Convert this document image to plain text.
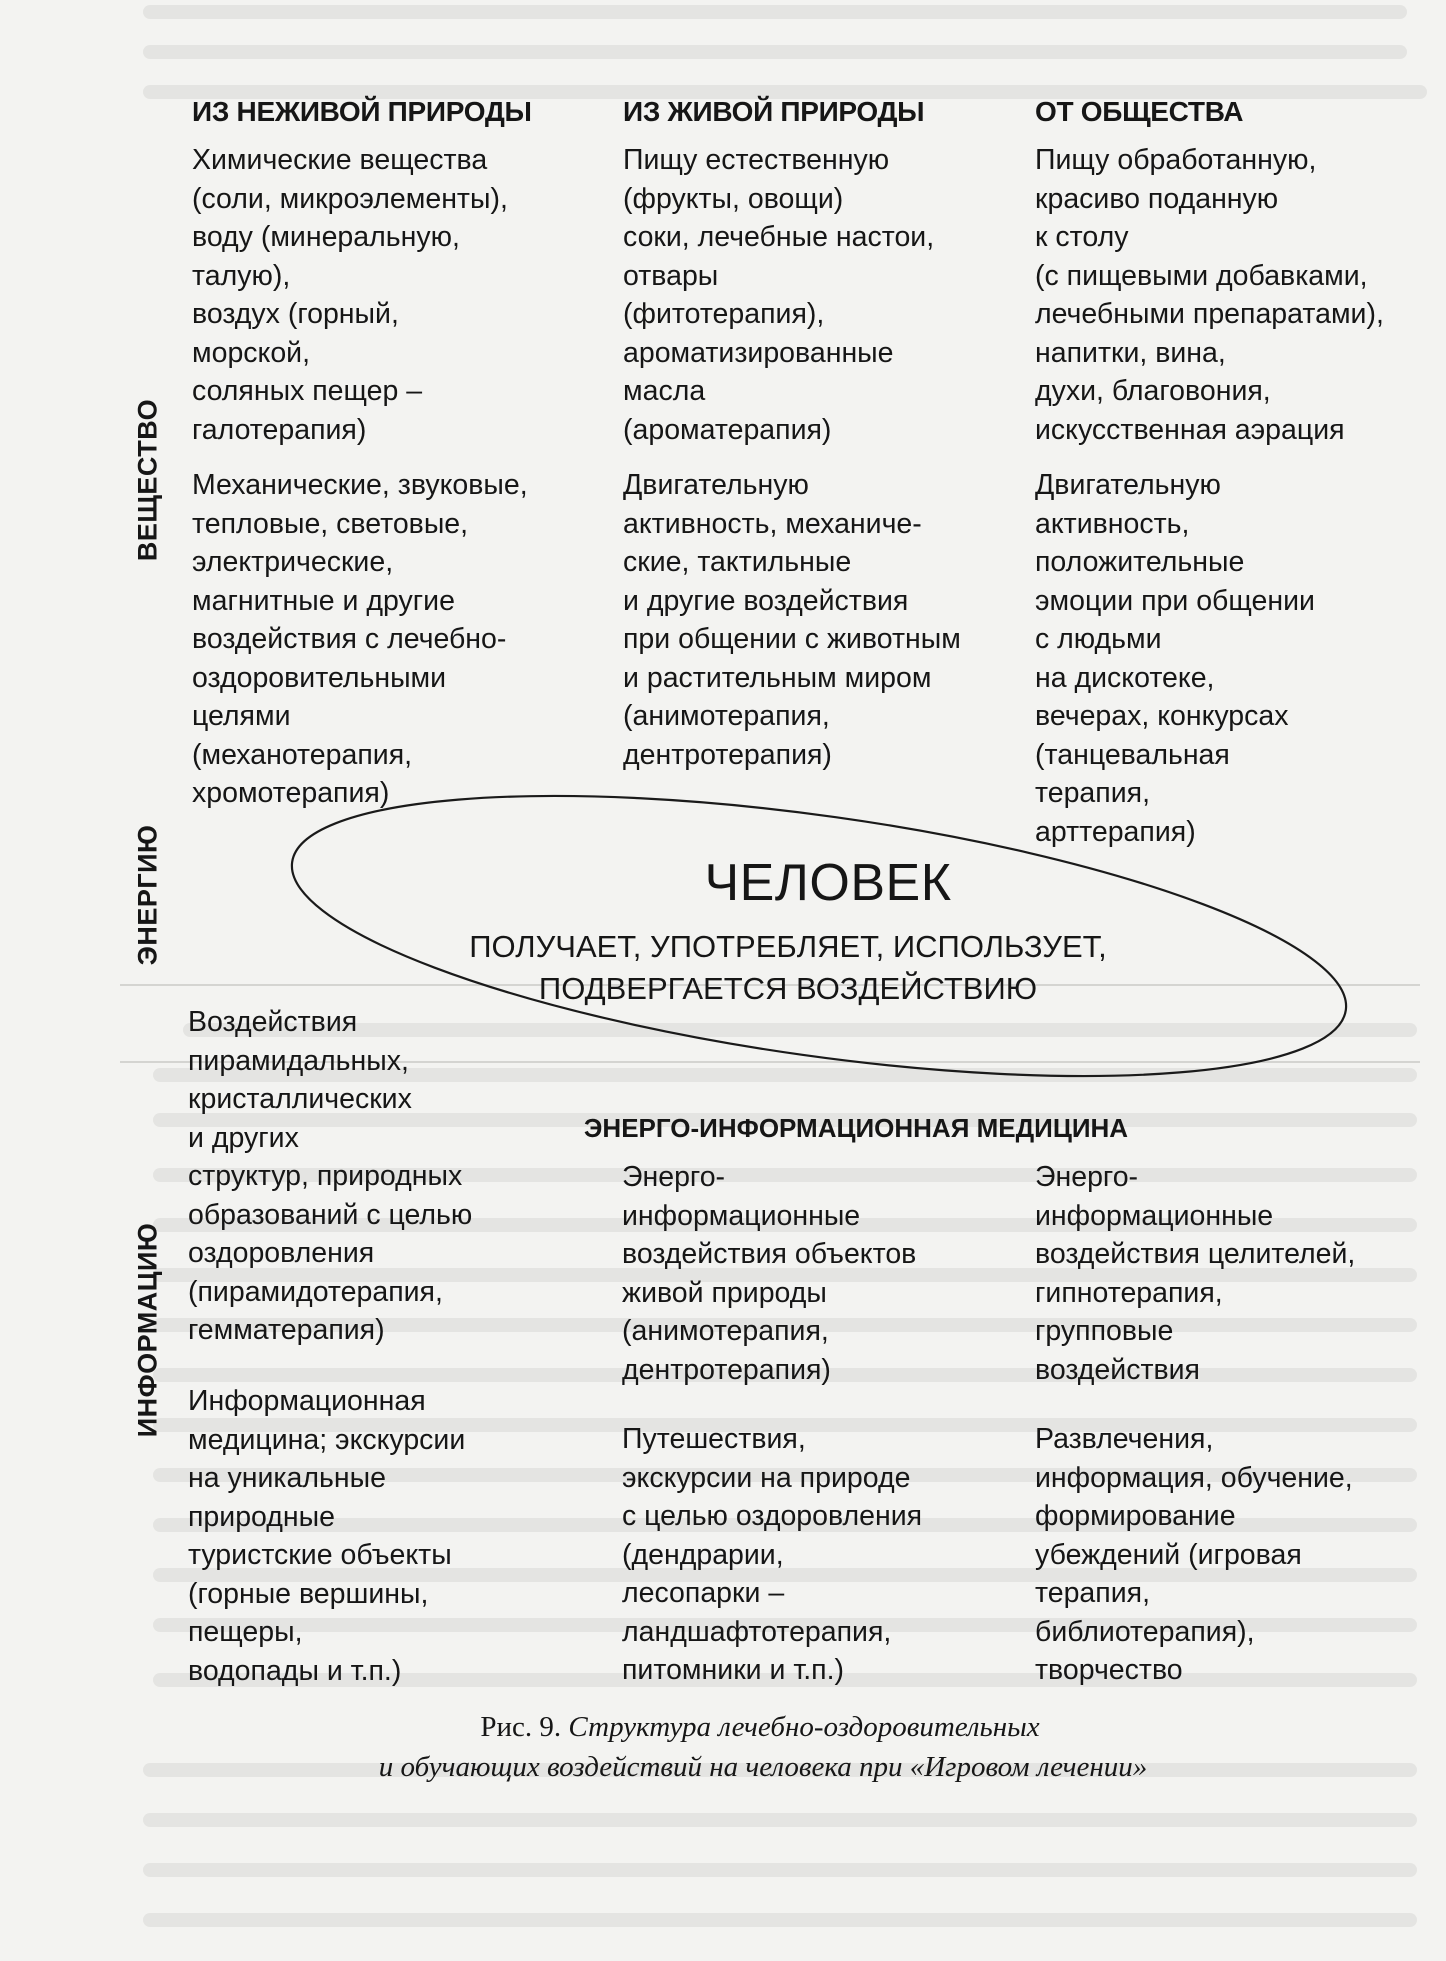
ИЗ НЕЖИВОЙ ПРИРОДЫ	ИЗ ЖИВОЙ ПРИРОДЫ	ОТ ОБЩЕСТВА
ВЕЩЕСТВО
ЭНЕРГИЮ
ИНФОРМАЦИЮ
Химические вещества
(соли, микроэлементы),
воду (минеральную,
талую),
воздух (горный,
морской,
соляных пещер –
галотерапия)
Пищу естественную
(фрукты, овощи)
соки, лечебные настои,
отвары
(фитотерапия),
ароматизированные
масла
(ароматерапия)
Пищу обработанную,
красиво поданную
к столу
(с пищевыми добавками,
лечебными препаратами),
напитки, вина,
духи, благовония,
искусственная аэрация
Механические, звуковые,
тепловые, световые,
электрические,
магнитные и другие
воздействия с лечебно-
оздоровительными
целями
(механотерапия,
хромотерапия)
Двигательную
активность, механиче-
ские, тактильные
и другие воздействия
при общении с животным
и растительным миром
(анимотерапия,
дентротерапия)
Двигательную
активность,
положительные
эмоции при общении
с людьми
на дискотеке,
вечерах, конкурсах
(танцевальная
терапия,
арттерапия)
ЧЕЛОВЕК
ПОЛУЧАЕТ, УПОТРЕБЛЯЕТ, ИСПОЛЬЗУЕТ,
ПОДВЕРГАЕТСЯ ВОЗДЕЙСТВИЮ
ЭНЕРГО-ИНФОРМАЦИОННАЯ МЕДИЦИНА
Воздействия
пирамидальных,
кристаллических
и других
структур, природных
образований с целью
оздоровления
(пирамидотерапия,
гемматерапия)
Энерго-
информационные
воздействия объектов
живой природы
(анимотерапия,
дентротерапия)
Энерго-
информационные
воздействия целителей,
гипнотерапия,
групповые
воздействия
Информационная
медицина; экскурсии
на уникальные
природные
туристские объекты
(горные вершины,
пещеры,
водопады и т.п.)
Путешествия,
экскурсии на природе
с целью оздоровления
(дендрарии,
лесопарки –
ландшафтотерапия,
питомники и т.п.)
Развлечения,
информация, обучение,
формирование
убеждений (игровая
терапия,
библиотерапия),
творчество
Рис. 9. Структура лечебно-оздоровительных
и обучающих воздействий на человека при «Игровом лечении»
